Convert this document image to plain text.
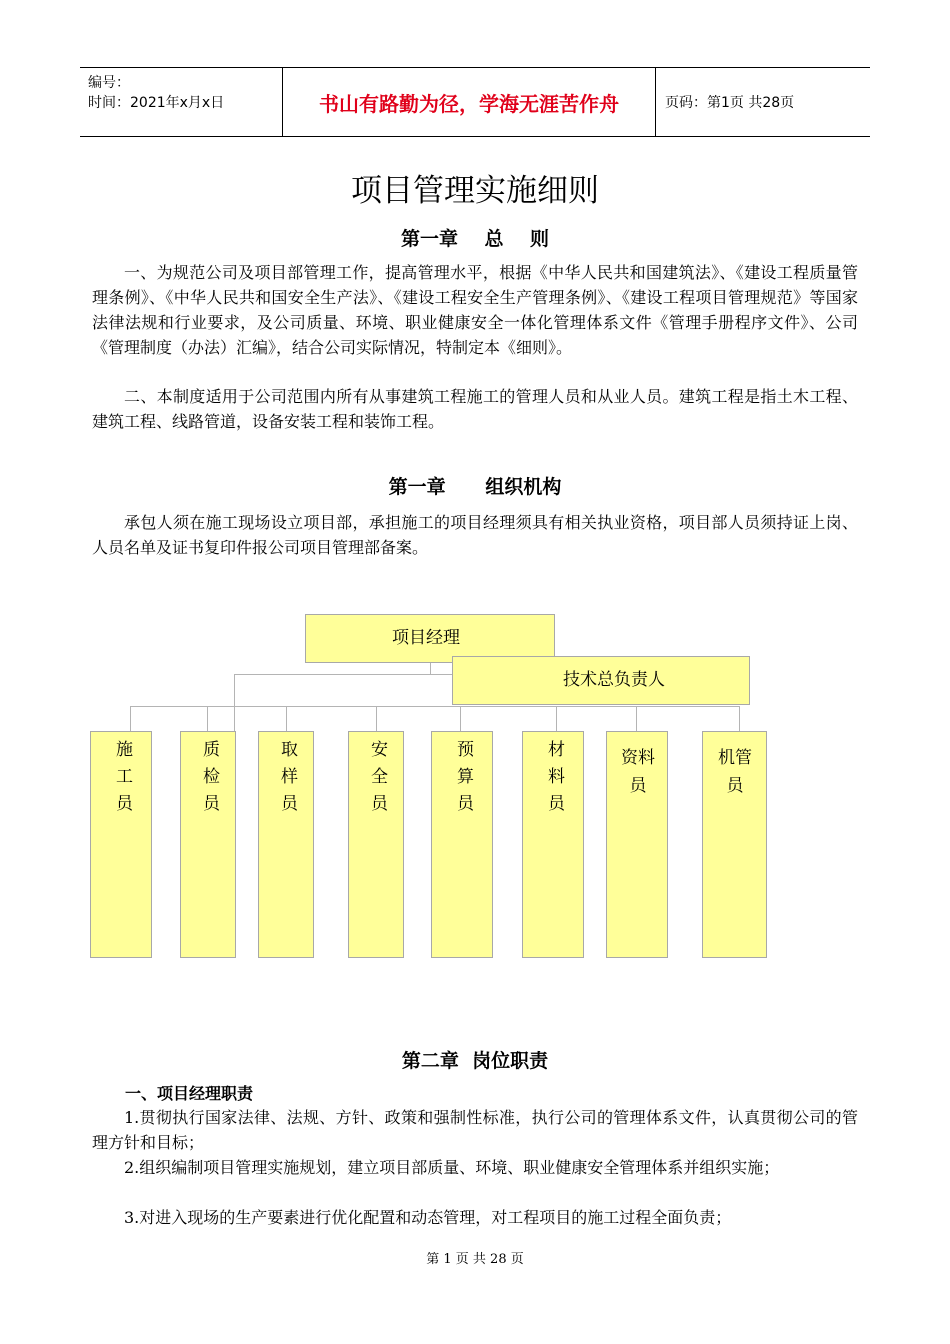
编号：
时间：2021年x月x日	书山有路勤为径，学海无涯苦作舟	页码：第1页 共28页
项目管理实施细则
第一章    总    则

一、为规范公司及项目部管理工作，提高管理水平，根据《中华人民共和国建筑法》、《建设工程质量管理条例》、《中华人民共和国安全生产法》、《建设工程安全生产管理条例》、《建设工程项目管理规范》等国家法律法规和行业要求，及公司质量、环境、职业健康安全一体化管理体系文件《管理手册程序文件》、公司《管理制度（办法）汇编》，结合公司实际情况，特制定本《细则》。

二、本制度适用于公司范围内所有从事建筑工程施工的管理人员和从业人员。建筑工程是指土木工程、建筑工程、线路管道，设备安装工程和装饰工程。

第一章      组织机构

承包人须在施工现场设立项目部，承担施工的项目经理须具有相关执业资格，项目部人员须持证上岗、人员名单及证书复印件报公司项目管理部备案。

项目经理
技术总负责人
施工员	质检员	取样员	安全员	预算员	材料员	资料员
机管员
第二章  岗位职责
一、项目经理职责

1.贯彻执行国家法律、法规、方针、政策和强制性标准，执行公司的管理体系文件，认真贯彻公司的管理方针和目标；

2.组织编制项目管理实施规划，建立项目部质量、环境、职业健康安全管理体系并组织实施；

3.对进入现场的生产要素进行优化配置和动态管理，对工程项目的施工过程全面负责；

第 1 页 共 28 页
